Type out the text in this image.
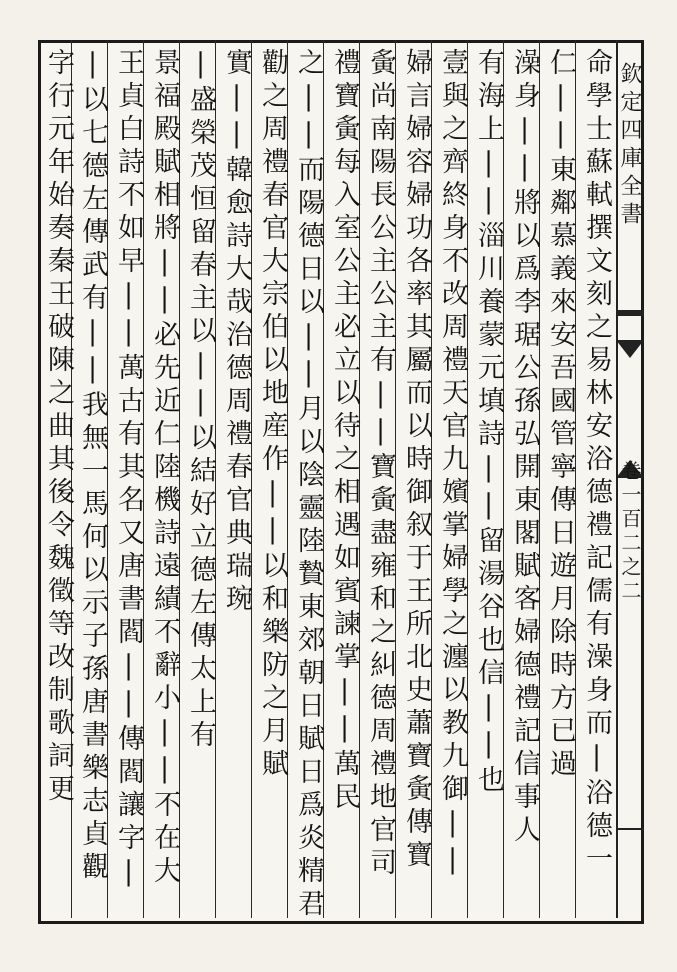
欽定四庫全書
卷一百二之二
命學士蘇軾撰文刻之易林安浴德禮記儒有澡身而|浴德一
仁||東鄰慕義來安吾國管寧傳日遊月除時方已過
澡身||將以爲李琚公孫弘開東閣賦客婦德禮記信事人
有海上||淄川養蒙元填詩||留湯谷也信||也
壹與之齊終身不改周禮天官九嬪掌婦學之瀍以教九御||
婦言婦容婦功各率其屬而以時御叙于王所北史蕭寶夤傳寶
夤尚南陽長公主公主有||寶夤盡雍和之糾德周禮地官司
禮寶夤每入室公主必立以待之相遇如賓諫掌||萬民
之||而陽德日以||月以陰靈陸贄東郊朝日賦日爲炎精君
勸之周禮春官大宗伯以地産作||以和樂防之月賦
實||韓愈詩大哉治德周禮春官典瑞琬
|盛榮茂恒留春主以||以結好立德左傳太上有
景福殿賦相將||必先近仁陸機詩遠績不辭小||不在大
王貞白詩不如早||萬古有其名又唐書閻||傳閻讓字|
|以七德左傳武有||我無一馬何以示子孫唐書樂志貞觀
字行元年始奏秦王破陳之曲其後令魏徵等改制歌詞更
